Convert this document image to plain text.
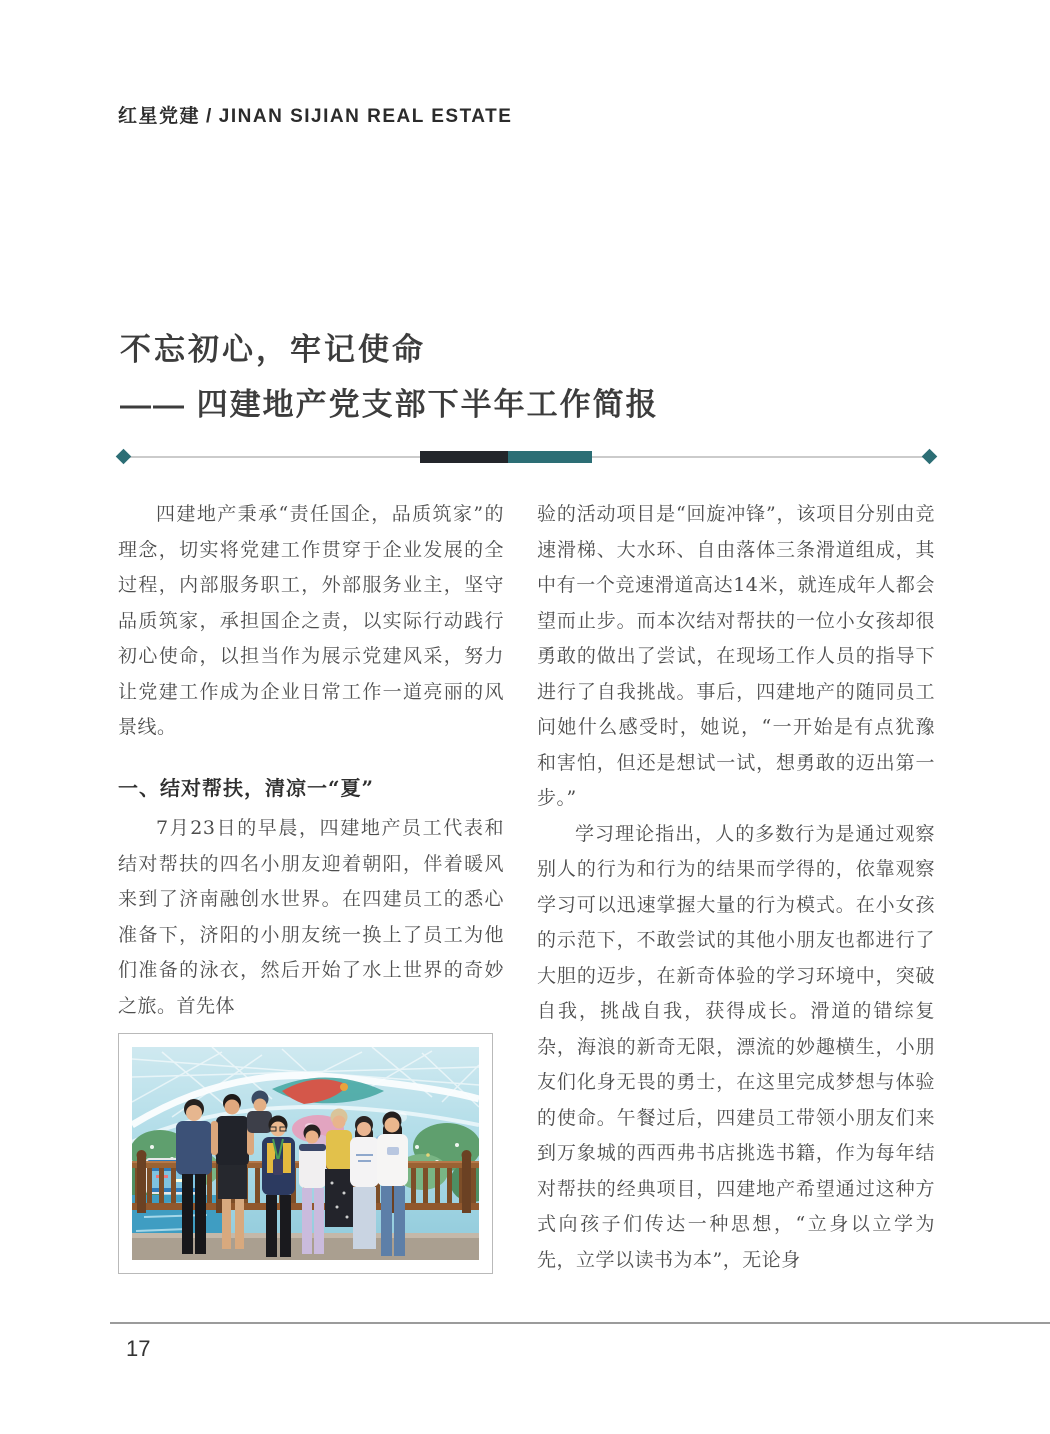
红星党建 / JINAN SIJIAN REAL ESTATE
不忘初心，牢记使命
—— 四建地产党支部下半年工作简报

四建地产秉承“责任国企，品质筑家”的理念，切实将党建工作贯穿于企业发展的全过程，内部服务职工，外部服务业主，坚守品质筑家，承担国企之责，以实际行动践行初心使命，以担当作为展示党建风采，努力让党建工作成为企业日常工作一道亮丽的风景线。

一、结对帮扶，清凉一“夏”

7月23日的早晨，四建地产员工代表和结对帮扶的四名小朋友迎着朝阳，伴着暖风来到了济南融创水世界。在四建员工的悉心准备下，济阳的小朋友统一换上了员工为他们准备的泳衣，然后开始了水上世界的奇妙之旅。首先体

验的活动项目是“回旋冲锋”，该项目分别由竞速滑梯、大水环、自由落体三条滑道组成，其中有一个竞速滑道高达14米，就连成年人都会望而止步。而本次结对帮扶的一位小女孩却很勇敢的做出了尝试，在现场工作人员的指导下进行了自我挑战。事后，四建地产的随同员工问她什么感受时，她说，“一开始是有点犹豫和害怕，但还是想试一试，想勇敢的迈出第一步。”

学习理论指出，人的多数行为是通过观察别人的行为和行为的结果而学得的，依靠观察学习可以迅速掌握大量的行为模式。在小女孩的示范下，不敢尝试的其他小朋友也都进行了大胆的迈步，在新奇体验的学习环境中，突破自我，挑战自我，获得成长。滑道的错综复杂，海浪的新奇无限，漂流的妙趣横生，小朋友们化身无畏的勇士，在这里完成梦想与体验的使命。午餐过后，四建员工带领小朋友们来到万象城的西西弗书店挑选书籍，作为每年结对帮扶的经典项目，四建地产希望通过这种方式向孩子们传达一种思想，“立身以立学为先，立学以读书为本”，无论身

17
